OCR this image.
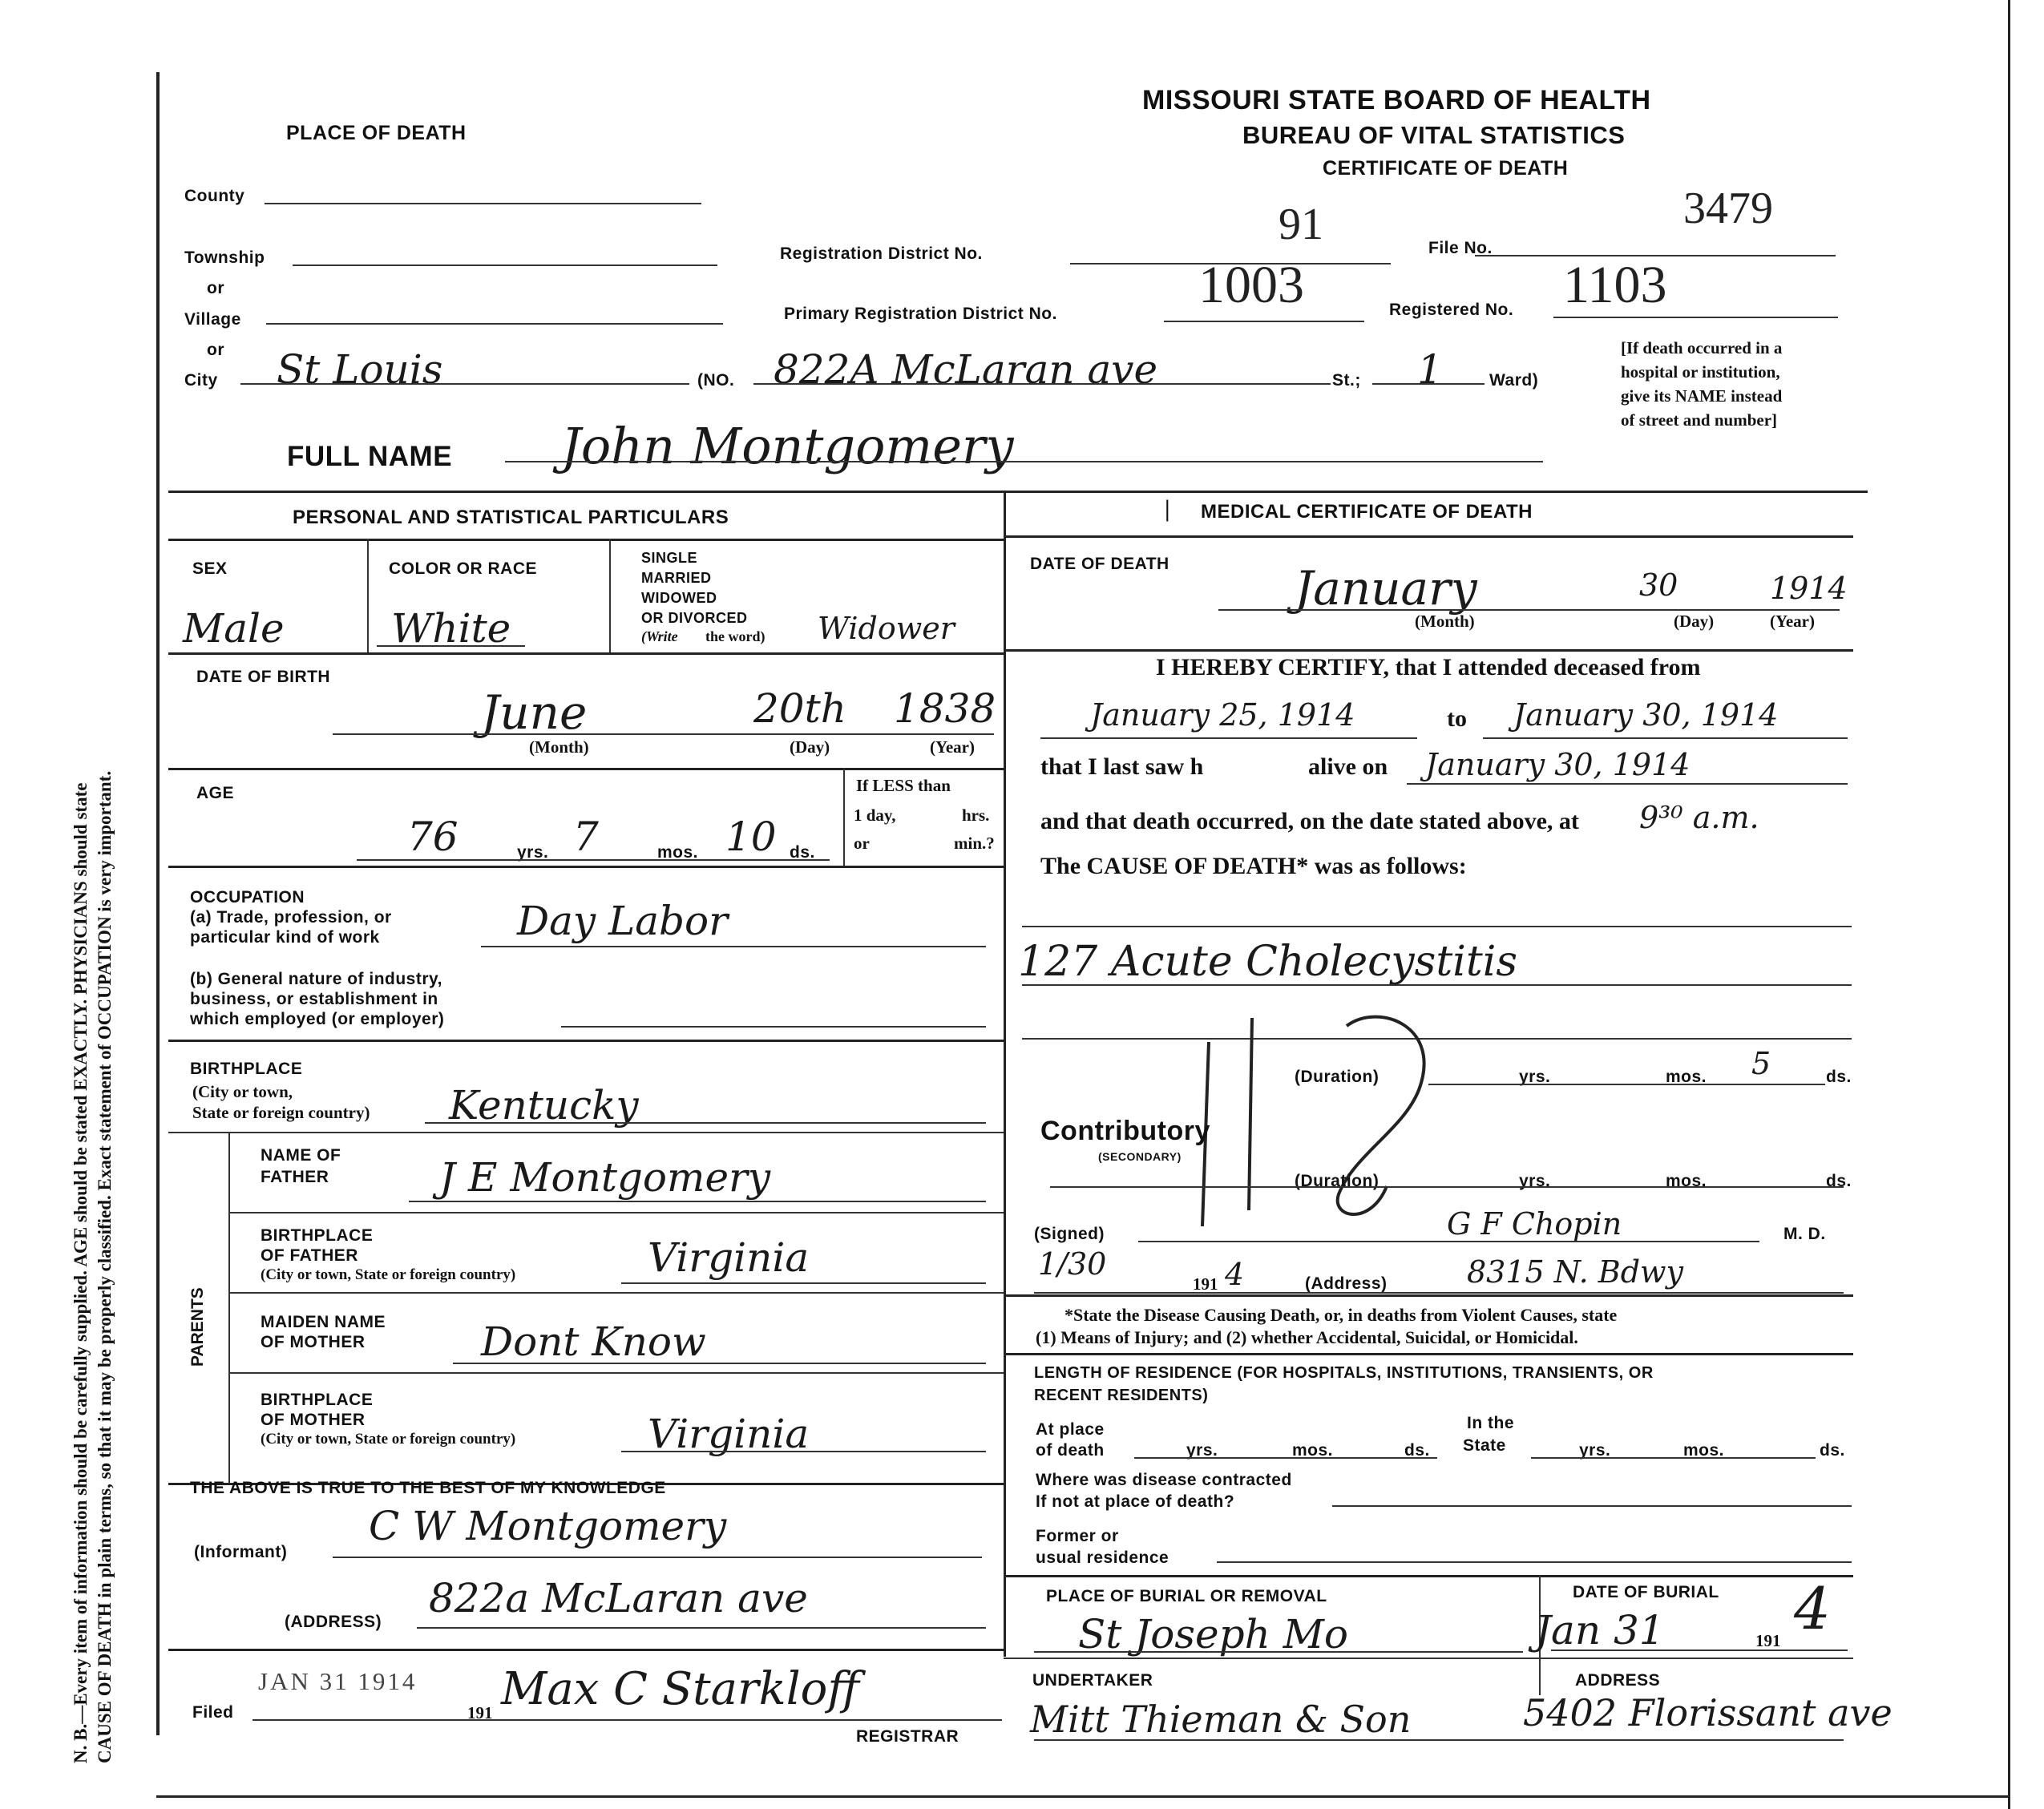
N. B.—Every item of information should be carefully supplied. AGE should be stated EXACTLY. PHYSICIANS should state CAUSE OF DEATH in plain terms, so that it may be properly classified. Exact statement of OCCUPATION is very important.
MISSOURI STATE BOARD OF HEALTH
BUREAU OF VITAL STATISTICS
CERTIFICATE OF DEATH
PLACE OF DEATH
County
Township
or
Village
or
City St Louis	(NO. 822A McLaran ave	St.; 1	Ward)
[If death occurred in a
hospital or institution,
give its NAME instead
of street and number]
Registration District No.
91	File No.
3479
Primary Registration District No.	1003	Registered No. 1103
FULL NAME John Montgomery
PERSONAL AND STATISTICAL PARTICULARS
SEX
Male
COLOR OR RACE
White
SINGLE
MARRIED
WIDOWED
OR DIVORCED
(Write the word) Widower
DATE OF BIRTH
June	20th 1838
(Month)	(Day)	(Year)
AGE
76	yrs. 7	mos. 10 ds.
If LESS than
1 day,	hrs.
or	min.?
OCCUPATION
(a) Trade, profession, or
particular kind of work	Day Labor
(b) General nature of industry,
business, or establishment in
which employed (or employer)
BIRTHPLACE
(City or town,
State or foreign country) Kentucky
PARENTS
NAME OF
FATHER	J E Montgomery
BIRTHPLACE
OF FATHER
(City or town, State or foreign country)	Virginia
MAIDEN NAME
OF MOTHER	Dont Know
BIRTHPLACE
OF MOTHER
(City or town, State or foreign country)	Virginia
THE ABOVE IS TRUE TO THE BEST OF MY KNOWLEDGE
(Informant)
C W Montgomery
(ADDRESS)
822a McLaran ave
Filed
JAN 31 1914
191 Max C Starkloff
REGISTRAR
| MEDICAL CERTIFICATE OF DEATH
DATE OF DEATH	January	30	1914
(Month)	(Day)	(Year)
I HEREBY CERTIFY, that I attended deceased from
January 25, 1914	to January 30, 1914
that I last saw h	alive on January 30, 1914
and that death occurred, on the date stated above, at 9³⁰ a.m.
The CAUSE OF DEATH* was as follows:
127 Acute Cholecystitis
(Duration)	yrs.	mos. 5	ds.
Contributory
(SECONDARY)
(Duration)	yrs.	mos.	ds.
(Signed)	G F Chopin	M. D.
1/30
191 4	(Address)	8315 N. Bdwy
*State the Disease Causing Death, or, in deaths from Violent Causes, state
(1) Means of Injury; and (2) whether Accidental, Suicidal, or Homicidal.
LENGTH OF RESIDENCE (FOR HOSPITALS, INSTITUTIONS, TRANSIENTS, OR
RECENT RESIDENTS)
At place
of death	yrs.	mos.	ds.
In the
State	yrs.	mos.	ds.
Where was disease contracted
If not at place of death?
Former or
usual residence
PLACE OF BURIAL OR REMOVAL
St Joseph Mo
DATE OF BURIAL
Jan 31	191 4
UNDERTAKER	ADDRESS
Mitt Thieman & Son	5402 Florissant ave
